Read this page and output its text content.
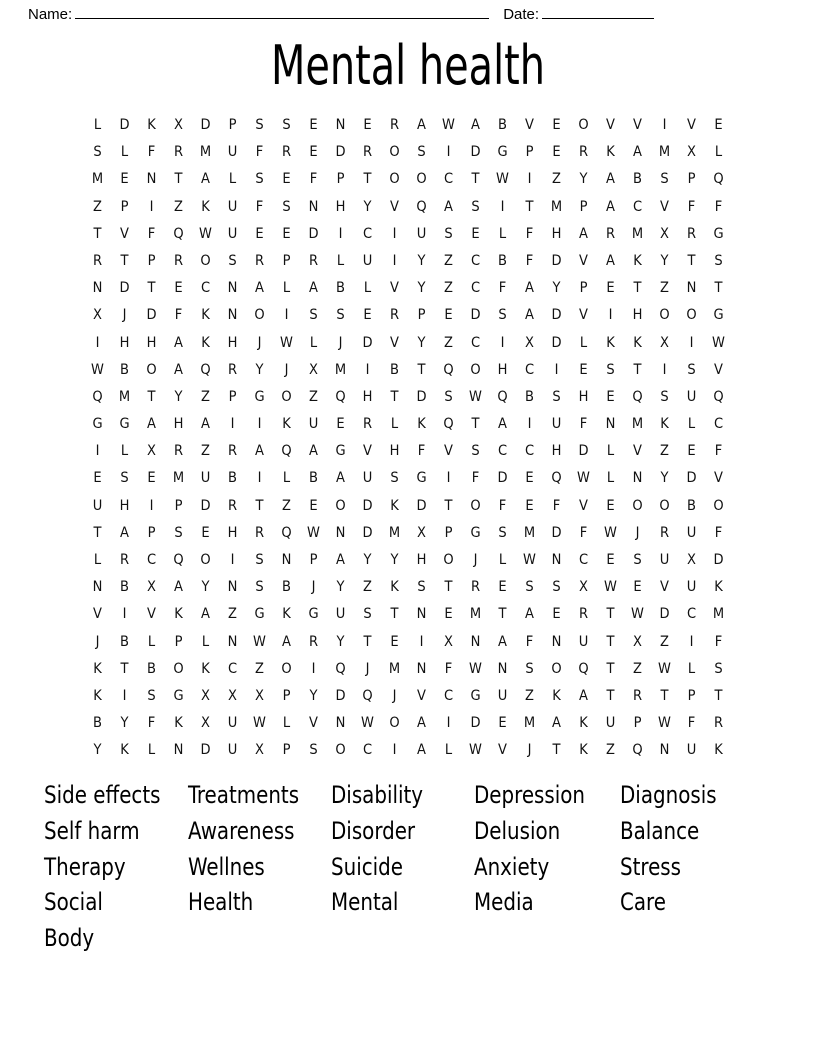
Name:	Date:
Mental health
L	D	K	X	D	P	S	S	E	N	E	R	A	W	A	B	V	E	O	V	V	I	V	E
S	L	F	R	M	U	F	R	E	D	R	O	S	I	D	G	P	E	R	K	A	M	X	L
M	E	N	T	A	L	S	E	F	P	T	O	O	C	T	W	I	Z	Y	A	B	S	P	Q
Z	P	I	Z	K	U	F	S	N	H	Y	V	Q	A	S	I	T	M	P	A	C	V	F	F
T	V	F	Q	W	U	E	E	D	I	C	I	U	S	E	L	F	H	A	R	M	X	R	G
R	T	P	R	O	S	R	P	R	L	U	I	Y	Z	C	B	F	D	V	A	K	Y	T	S
N	D	T	E	C	N	A	L	A	B	L	V	Y	Z	C	F	A	Y	P	E	T	Z	N	T
X	J	D	F	K	N	O	I	S	S	E	R	P	E	D	S	A	D	V	I	H	O	O	G
I	H	H	A	K	H	J	W	L	J	D	V	Y	Z	C	I	X	D	L	K	K	X	I	W
W	B	O	A	Q	R	Y	J	X	M	I	B	T	Q	O	H	C	I	E	S	T	I	S	V
Q	M	T	Y	Z	P	G	O	Z	Q	H	T	D	S	W	Q	B	S	H	E	Q	S	U	Q
G	G	A	H	A	I	I	K	U	E	R	L	K	Q	T	A	I	U	F	N	M	K	L	C
I	L	X	R	Z	R	A	Q	A	G	V	H	F	V	S	C	C	H	D	L	V	Z	E	F
E	S	E	M	U	B	I	L	B	A	U	S	G	I	F	D	E	Q	W	L	N	Y	D	V
U	H	I	P	D	R	T	Z	E	O	D	K	D	T	O	F	E	F	V	E	O	O	B	O
T	A	P	S	E	H	R	Q	W	N	D	M	X	P	G	S	M	D	F	W	J	R	U	F
L	R	C	Q	O	I	S	N	P	A	Y	Y	H	O	J	L	W	N	C	E	S	U	X	D
N	B	X	A	Y	N	S	B	J	Y	Z	K	S	T	R	E	S	S	X	W	E	V	U	K
V	I	V	K	A	Z	G	K	G	U	S	T	N	E	M	T	A	E	R	T	W	D	C	M
J	B	L	P	L	N	W	A	R	Y	T	E	I	X	N	A	F	N	U	T	X	Z	I	F
K	T	B	O	K	C	Z	O	I	Q	J	M	N	F	W	N	S	O	Q	T	Z	W	L	S
K	I	S	G	X	X	X	P	Y	D	Q	J	V	C	G	U	Z	K	A	T	R	T	P	T
B	Y	F	K	X	U	W	L	V	N	W	O	A	I	D	E	M	A	K	U	P	W	F	R
Y	K	L	N	D	U	X	P	S	O	C	I	A	L	W	V	J	T	K	Z	Q	N	U	K
Side effects
Self harm
Therapy
Social
Body
Treatments
Awareness
Wellnes
Health
Disability
Disorder
Suicide
Mental
Depression
Delusion
Anxiety
Media
Diagnosis
Balance
Stress
Care
